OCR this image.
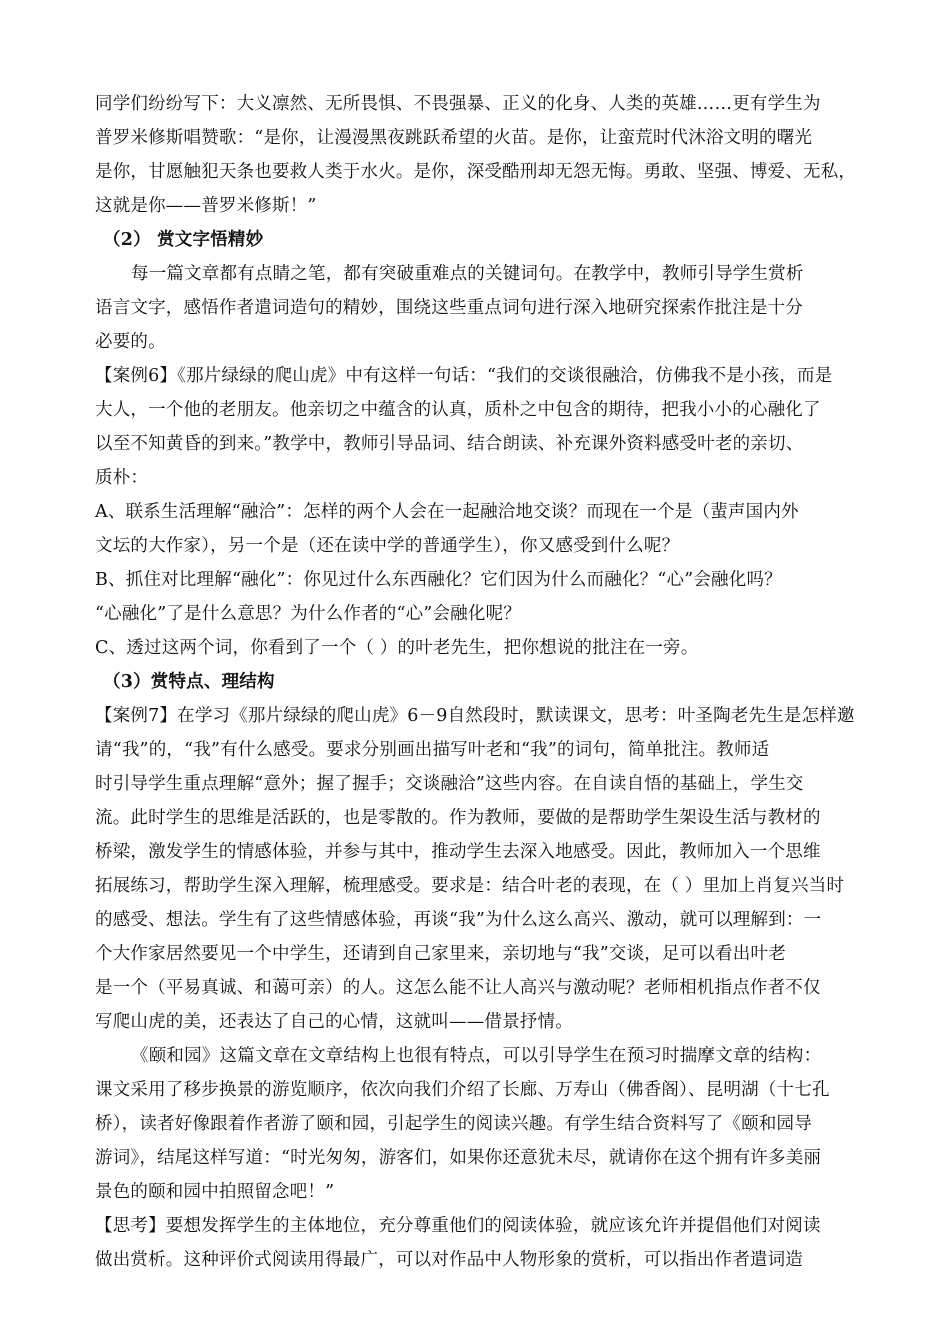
同学们纷纷写下：大义凛然、无所畏惧、不畏强暴、正义的化身、人类的英雄……更有学生为
普罗米修斯唱赞歌：“是你，让漫漫黑夜跳跃希望的火苗。是你，让蛮荒时代沐浴文明的曙光
是你，甘愿触犯天条也要救人类于水火。是你，深受酷刑却无怨无悔。勇敢、坚强、博爱、无私，
这就是你——普罗米修斯！”
（2） 赏文字悟精妙
每一篇文章都有点睛之笔，都有突破重难点的关键词句。在教学中，教师引导学生赏析
语言文字，感悟作者遣词造句的精妙，围绕这些重点词句进行深入地研究探索作批注是十分
必要的。
【案例6】《那片绿绿的爬山虎》中有这样一句话：“我们的交谈很融洽，仿佛我不是小孩，而是
大人，一个他的老朋友。他亲切之中蕴含的认真，质朴之中包含的期待，把我小小的心融化了
以至不知黄昏的到来。”教学中，教师引导品词、结合朗读、补充课外资料感受叶老的亲切、
质朴：
A、联系生活理解“融洽”：怎样的两个人会在一起融洽地交谈？而现在一个是（蜚声国内外
文坛的大作家），另一个是（还在读中学的普通学生），你又感受到什么呢？
B、抓住对比理解“融化”：你见过什么东西融化？它们因为什么而融化？“心”会融化吗？
“心融化”了是什么意思？为什么作者的“心”会融化呢？
C、透过这两个词，你看到了一个（ ）的叶老先生，把你想说的批注在一旁。
（3）赏特点、理结构
【案例7】在学习《那片绿绿的爬山虎》6－9自然段时，默读课文，思考：叶圣陶老先生是怎样邀
请“我”的，“我”有什么感受。要求分别画出描写叶老和“我”的词句，简单批注。教师适
时引导学生重点理解“意外；握了握手；交谈融洽”这些内容。在自读自悟的基础上，学生交
流。此时学生的思维是活跃的，也是零散的。作为教师，要做的是帮助学生架设生活与教材的
桥梁，激发学生的情感体验，并参与其中，推动学生去深入地感受。因此，教师加入一个思维
拓展练习，帮助学生深入理解，梳理感受。要求是：结合叶老的表现，在（ ）里加上肖复兴当时
的感受、想法。学生有了这些情感体验，再谈“我”为什么这么高兴、激动，就可以理解到：一
个大作家居然要见一个中学生，还请到自己家里来，亲切地与“我”交谈，足可以看出叶老
是一个（平易真诚、和蔼可亲）的人。这怎么能不让人高兴与激动呢？老师相机指点作者不仅
写爬山虎的美，还表达了自己的心情，这就叫——借景抒情。
《颐和园》这篇文章在文章结构上也很有特点，可以引导学生在预习时揣摩文章的结构：
课文采用了移步换景的游览顺序，依次向我们介绍了长廊、万寿山（佛香阁）、昆明湖（十七孔
桥），读者好像跟着作者游了颐和园，引起学生的阅读兴趣。有学生结合资料写了《颐和园导
游词》，结尾这样写道：“时光匆匆，游客们，如果你还意犹未尽，就请你在这个拥有许多美丽
景色的颐和园中拍照留念吧！”
【思考】要想发挥学生的主体地位，充分尊重他们的阅读体验，就应该允许并提倡他们对阅读
做出赏析。这种评价式阅读用得最广，可以对作品中人物形象的赏析，可以指出作者遣词造
